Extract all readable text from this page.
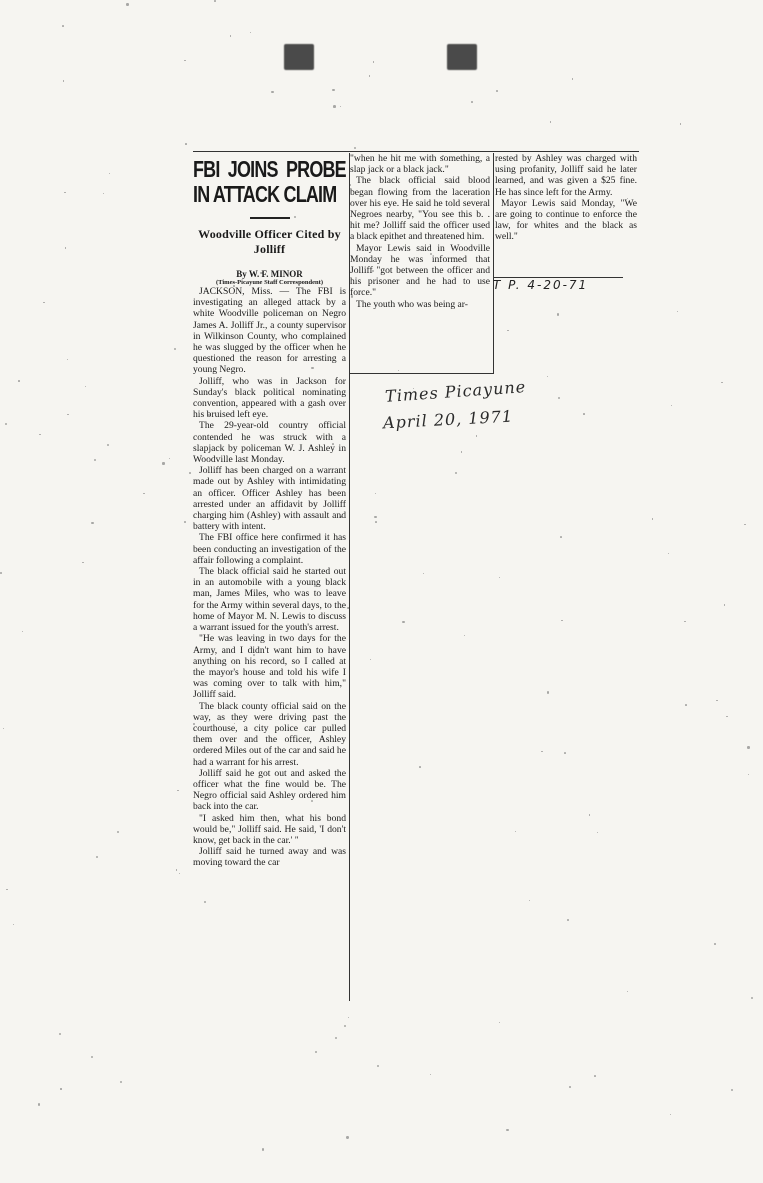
FBI JOINS PROBE IN ATTACK CLAIM
Woodville Officer Cited by Jolliff
By W. F. MINOR
(Times-Picayune Staff Correspondent)

JACKSON, Miss. — The FBI is investigating an alleged attack by a white Woodville policeman on Negro James A. Jolliff Jr., a county supervisor in Wilkinson County, who complained he was slugged by the officer when he questioned the reason for arresting a young Negro.

Jolliff, who was in Jackson for Sunday's black political nominating convention, appeared with a gash over his bruised left eye.

The 29-year-old country official contended he was struck with a slapjack by policeman W. J. Ashley in Woodville last Monday.

Jolliff has been charged on a warrant made out by Ashley with intimidating an officer. Officer Ashley has been arrested under an affidavit by Jolliff charging him (Ashley) with assault and battery with intent.

The FBI office here confirmed it has been conducting an investigation of the affair following a complaint.

The black official said he started out in an automobile with a young black man, James Miles, who was to leave for the Army within several days, to the home of Mayor M. N. Lewis to discuss a warrant issued for the youth's arrest.

"He was leaving in two days for the Army, and I didn't want him to have anything on his record, so I called at the mayor's house and told his wife I was coming over to talk with him," Jolliff said.

The black county official said on the way, as they were driving past the courthouse, a city police car pulled them over and the officer, Ashley ordered Miles out of the car and said he had a warrant for his arrest.

Jolliff said he got out and asked the officer what the fine would be. The Negro official said Ashley ordered him back into the car.

"I asked him then, what his bond would be," Jolliff said. He said, 'I don't know, get back in the car.' "

Jolliff said he turned away and was moving toward the car

"when he hit me with something, a slap jack or a black jack."

The black official said blood began flowing from the laceration over his eye. He said he told several Negroes nearby, "You see this b. . hit me? Jolliff said the officer used a black epithet and threatened him.

Mayor Lewis said in Woodville Monday he was informed that Jolliff "got between the officer and his prisoner and he had to use force."

The youth who was being ar-

rested by Ashley was charged with using profanity, Jolliff said he later learned, and was given a $25 fine. He has since left for the Army.

Mayor Lewis said Monday, "We are going to continue to enforce the law, for whites and the black as well."

T P. 4-20-71
Times Picayune
April 20, 1971
